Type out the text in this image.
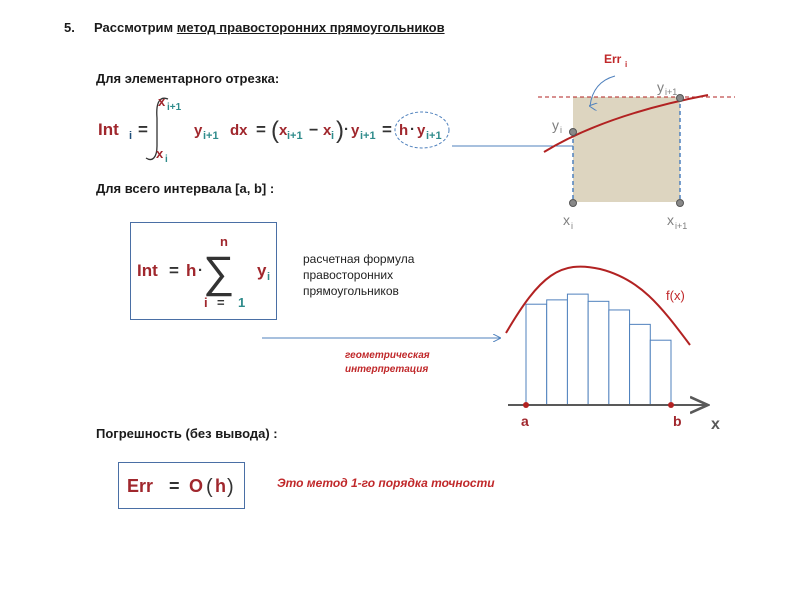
5. Рассмотрим метод правосторонних прямоугольников
Для элементарного отрезка:
Int i =
x i+1
x i
y i+1 dx = ( x i+1 − x i ) · y i+1 = h · y i+1
Для всего интервала [a, b] :
Int = h · ∑
n
i = 1
y i
расчетная формула
правосторонних
прямоугольников
геометрическая
интерпретация
Погрешность (без вывода) :
Err = O ( h )	Это метод 1-го порядка точности
Err i
y i+1
y i
x i	x i+1
a	b x
f(x)
